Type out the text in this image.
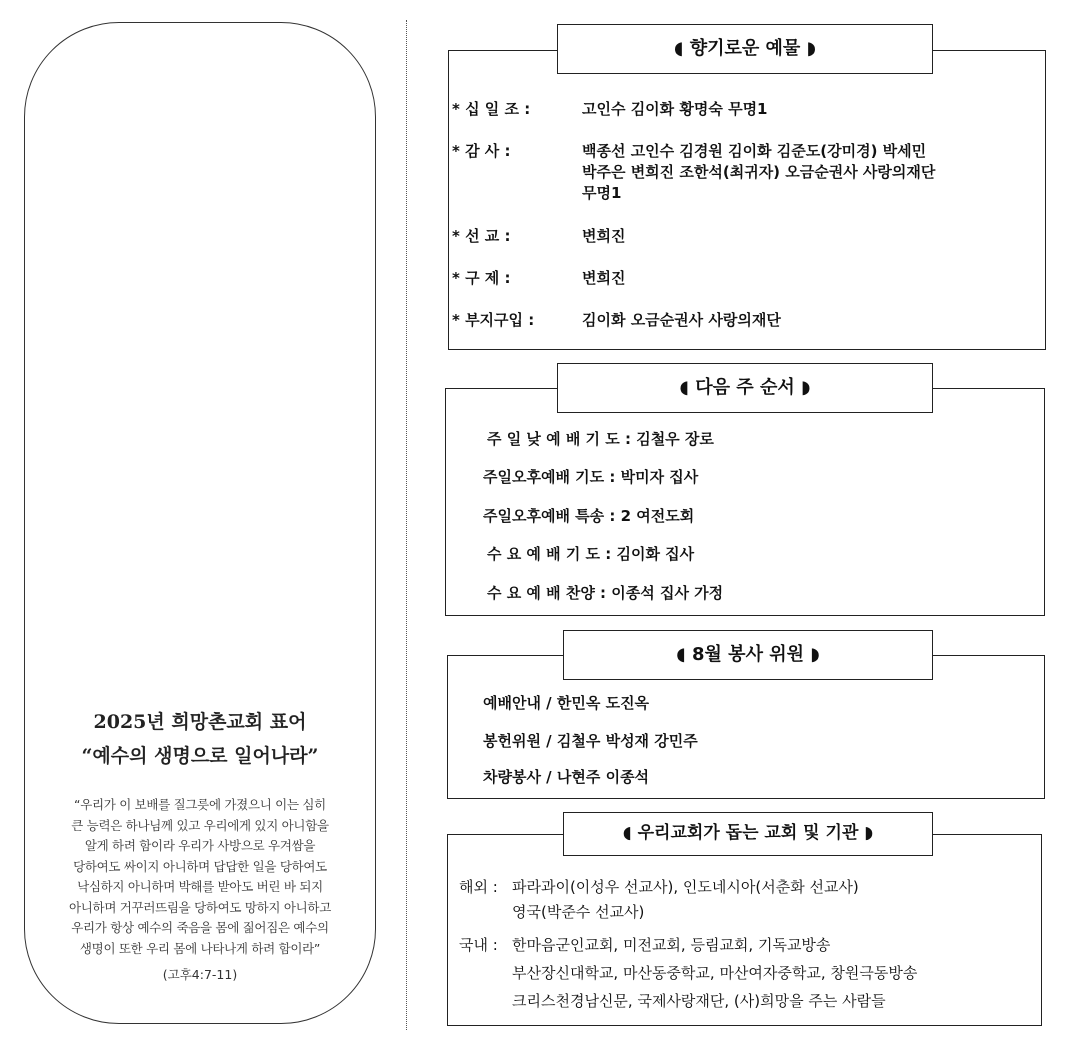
2025년 희망촌교회 표어
“예수의 생명으로 일어나라”
“우리가 이 보배를 질그릇에 가졌으니 이는 심히
큰 능력은 하나님께 있고 우리에게 있지 아니함을
알게 하려 함이라 우리가 사방으로 우겨쌈을
당하여도 싸이지 아니하며 답답한 일을 당하여도
낙심하지 아니하며 박해를 받아도 버린 바 되지
아니하며 거꾸러뜨림을 당하여도 망하지 아니하고
우리가 항상 예수의 죽음을 몸에 짊어짐은 예수의
생명이 또한 우리 몸에 나타나게 하려 함이라”
(고후4:7-11)
◖ 향기로운 예물 ◗
* 십 일 조 :	고인수 김이화 황명숙 무명1
* 감 사 :	백종선 고인수 김경원 김이화 김준도(강미경) 박세민
박주은 변희진 조한석(최귀자) 오금순권사 사랑의재단
무명1
* 선 교 :	변희진
* 구 제 :	변희진
* 부지구입 :	김이화 오금순권사 사랑의재단
◖ 다음 주 순서 ◗
주 일 낮 예 배 기 도 : 김철우 장로
주일오후예배 기도 : 박미자 집사
주일오후예배 특송 : 2 여전도회
수 요 예 배 기 도 : 김이화 집사
수 요 예 배 찬양 : 이종석 집사 가정
◖ 8월 봉사 위원 ◗
예배안내 / 한민옥 도진옥
봉헌위원 / 김철우 박성재 강민주
차량봉사 / 나현주 이종석
◖ 우리교회가 돕는 교회 및 기관 ◗
해외 : 파라과이(이성우 선교사), 인도네시아(서춘화 선교사)
영국(박준수 선교사)
국내 : 한마음군인교회, 미전교회, 등림교회, 기독교방송
부산장신대학교, 마산동중학교, 마산여자중학교, 창원극동방송
크리스천경남신문, 국제사랑재단, (사)희망을 주는 사람들
